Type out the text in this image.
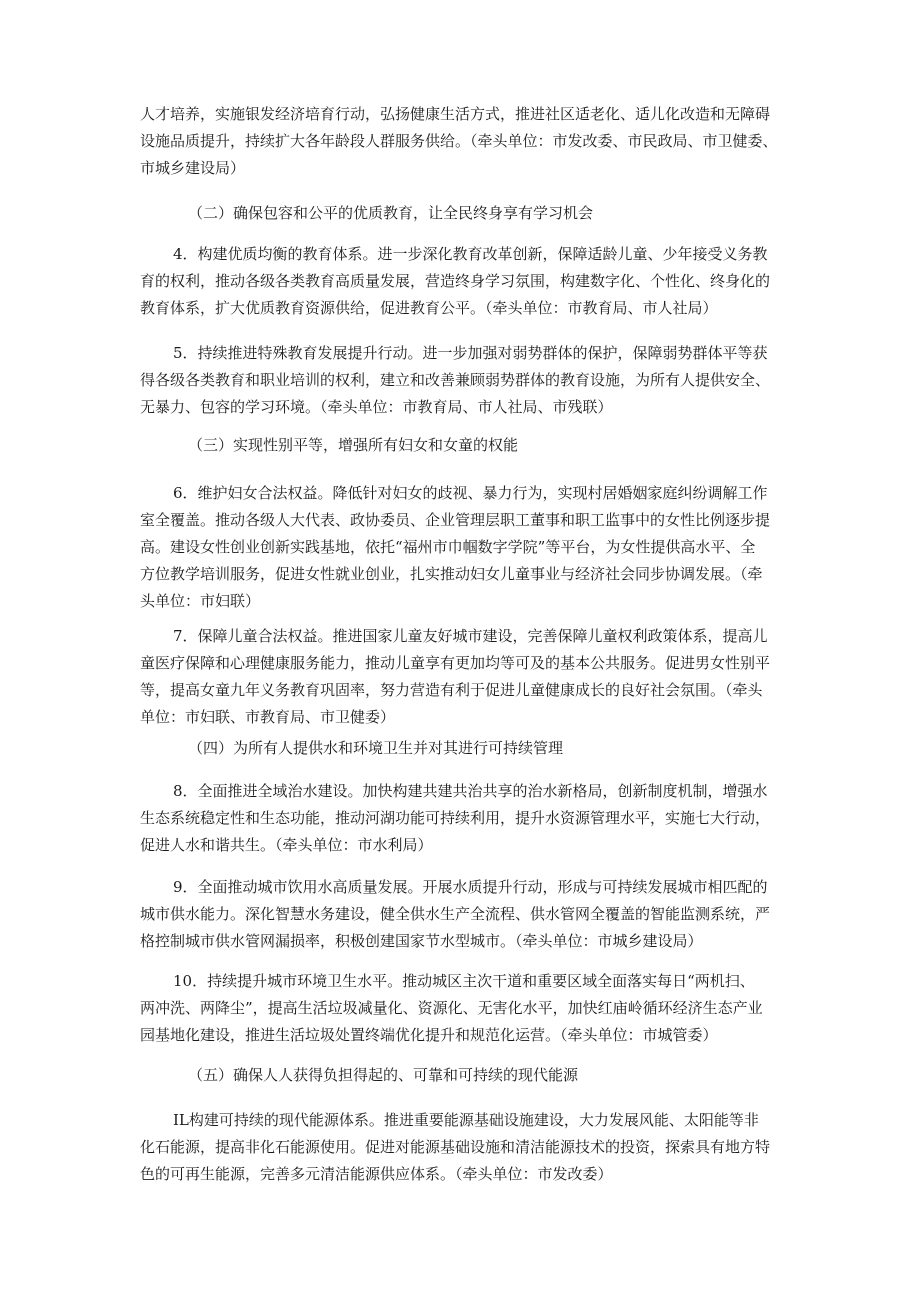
人才培养，实施银发经济培育行动，弘扬健康生活方式，推进社区适老化、适儿化改造和无障碍

设施品质提升，持续扩大各年龄段人群服务供给。（牵头单位：市发改委、市民政局、市卫健委、

市城乡建设局）

（二）确保包容和公平的优质教育，让全民终身享有学习机会

4．构建优质均衡的教育体系。进一步深化教育改革创新，保障适龄儿童、少年接受义务教

育的权利，推动各级各类教育高质量发展，营造终身学习氛围，构建数字化、个性化、终身化的

教育体系，扩大优质教育资源供给，促进教育公平。（牵头单位：市教育局、市人社局）

5．持续推进特殊教育发展提升行动。进一步加强对弱势群体的保护，保障弱势群体平等获

得各级各类教育和职业培训的权利，建立和改善兼顾弱势群体的教育设施，为所有人提供安全、

无暴力、包容的学习环境。（牵头单位：市教育局、市人社局、市残联）

（三）实现性别平等，增强所有妇女和女童的权能

6．维护妇女合法权益。降低针对妇女的歧视、暴力行为，实现村居婚姻家庭纠纷调解工作

室全覆盖。推动各级人大代表、政协委员、企业管理层职工董事和职工监事中的女性比例逐步提

高。建设女性创业创新实践基地，依托“福州市巾帼数字学院”等平台，为女性提供高水平、全

方位教学培训服务，促进女性就业创业，扎实推动妇女儿童事业与经济社会同步协调发展。（牵

头单位：市妇联）

7．保障儿童合法权益。推进国家儿童友好城市建设，完善保障儿童权利政策体系，提高儿

童医疗保障和心理健康服务能力，推动儿童享有更加均等可及的基本公共服务。促进男女性别平

等，提高女童九年义务教育巩固率，努力营造有利于促进儿童健康成长的良好社会氛围。（牵头

单位：市妇联、市教育局、市卫健委）

（四）为所有人提供水和环境卫生并对其进行可持续管理

8．全面推进全域治水建设。加快构建共建共治共享的治水新格局，创新制度机制，增强水

生态系统稳定性和生态功能，推动河湖功能可持续利用，提升水资源管理水平，实施七大行动，

促进人水和谐共生。（牵头单位：市水利局）

9．全面推动城市饮用水高质量发展。开展水质提升行动，形成与可持续发展城市相匹配的

城市供水能力。深化智慧水务建设，健全供水生产全流程、供水管网全覆盖的智能监测系统，严

格控制城市供水管网漏损率，积极创建国家节水型城市。（牵头单位：市城乡建设局）

10．持续提升城市环境卫生水平。推动城区主次干道和重要区域全面落实每日“两机扫、

两冲洗、两降尘”，提高生活垃圾减量化、资源化、无害化水平，加快红庙岭循环经济生态产业

园基地化建设，推进生活垃圾处置终端优化提升和规范化运营。（牵头单位：市城管委）

（五）确保人人获得负担得起的、可靠和可持续的现代能源

IL构建可持续的现代能源体系。推进重要能源基础设施建设，大力发展风能、太阳能等非

化石能源，提高非化石能源使用。促进对能源基础设施和清洁能源技术的投资，探索具有地方特

色的可再生能源，完善多元清洁能源供应体系。（牵头单位：市发改委）
